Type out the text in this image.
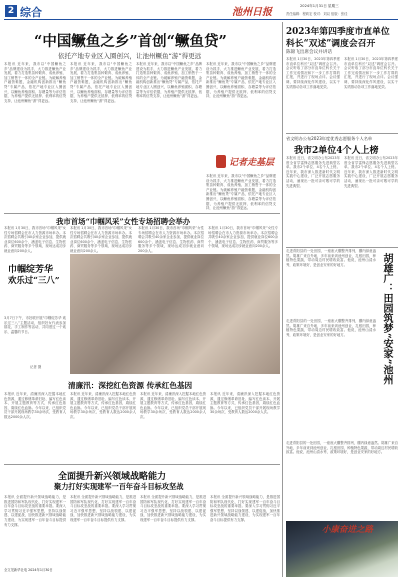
2 综合	池州日报
2024年1月31日 星期三
责任编辑：程莉宏 校对：刘双 组版：张佳
“中国鳜鱼之乡”首创“鳜鱼贷”
依托产地专业区入圈创兴，让池州鳜鱼“游”得更远

本报讯 近年来，我市以“中国鳜鱼之乡”品牌建设为抓手，大力推进鳜鱼产业发展，着力打造集苗种繁育、成鱼养殖、加工销售于一体的全产业链。为破解养殖户融资难题，金融机构创新推出“鳜鱼贷”专属产品，依托产地专业区入圈创兴，以鳜鱼养殖面积、存塘量等为评估依据，为养殖户提供无抵押、低利率的信贷支持，让池州鳜鱼“游”得更远。

本报讯 近年来，我市以“中国鳜鱼之乡”品牌建设为抓手，大力推进鳜鱼产业发展，着力打造集苗种繁育、成鱼养殖、加工销售于一体的全产业链。为破解养殖户融资难题，金融机构创新推出“鳜鱼贷”专属产品，依托产地专业区入圈创兴，以鳜鱼养殖面积、存塘量等为评估依据，为养殖户提供无抵押、低利率的信贷支持，让池州鳜鱼“游”得更远。

本报讯 近年来，我市以“中国鳜鱼之乡”品牌建设为抓手，大力推进鳜鱼产业发展，着力打造集苗种繁育、成鱼养殖、加工销售于一体的全产业链。为破解养殖户融资难题，金融机构创新推出“鳜鱼贷”专属产品，依托产地专业区入圈创兴，以鳜鱼养殖面积、存塘量等为评估依据，为养殖户提供无抵押、低利率的信贷支持，让池州鳜鱼“游”得更远。

本报讯 近年来，我市以“中国鳜鱼之乡”品牌建设为抓手，大力推进鳜鱼产业发展，着力打造集苗种繁育、成鱼养殖、加工销售于一体的全产业链。为破解养殖户融资难题，金融机构创新推出“鳜鱼贷”专属产品，依托产地专业区入圈创兴，以鳜鱼养殖面积、存塘量等为评估依据，为养殖户提供无抵押、低利率的信贷支持，让池州鳜鱼“游”得更远。

记者走基层

本报讯 近年来，我市以“中国鳜鱼之乡”品牌建设为抓手，大力推进鳜鱼产业发展，着力打造集苗种繁育、成鱼养殖、加工销售于一体的全产业链。为破解养殖户融资难题，金融机构创新推出“鳜鱼贷”专属产品，依托产地专业区入圈创兴，以鳜鱼养殖面积、存塘量等为评估依据，为养殖户提供无抵押、低利率的信贷支持，让池州鳜鱼“游”得更远。

2023年第四季度市直单位
科长“双述”调度会召开
陈锦飞出席会议并讲话

本报讯 1月30日，2023年第四季度市直单位科长“双述”调度会召开。会议听取了部分市直单位科长关于工作完成情况和下一步工作打算的汇报，并进行了现场点评。会议强调，要持续深化作风建设，以实干实绩推动各项工作落地见效。

本报讯 1月30日，2023年第四季度市直单位科长“双述”调度会召开。会议听取了部分市直单位科长关于工作完成情况和下一步工作打算的汇报，并进行了现场点评。会议强调，要持续深化作风建设，以实干实绩推动各项工作落地见效。

省文明办公布2023年度优秀志愿服务个人名单
我市2单位4个人上榜

本报讯 近日，省文明办公布2023年度全省学雷锋志愿服务先进典型名单。我市2个单位、4名个人上榜。近年来，我市深入推进新时代文明实践中心建设，广泛开展志愿服务活动，涌现出一批可亲可敬可学的先进典型。

本报讯 近日，省文明办公布2023年度全省学雷锋志愿服务先进典型名单。我市2个单位、4名个人上榜。近年来，我市深入推进新时代文明实践中心建设，广泛开展志愿服务活动，涌现出一批可亲可敬可学的先进典型。

走进青阳县的一处田园，一座座大棚整齐排列，棚内绿意盎然。胡雄广来自外地，多年前来到池州创业，扎根田园，种植特色果蔬，带动周边村民增收致富。他说，池州山清水秀，政策环境好，是创业安家的好地方。	胡雄广：田园筑梦“安家”池州

走进青阳县的一处田园，一座座大棚整齐排列，棚内绿意盎然。胡雄广来自外地，多年前来到池州创业，扎根田园，种植特色果蔬，带动周边村民增收致富。他说，池州山清水秀，政策环境好，是创业安家的好地方。

走进青阳县的一处田园，一座座大棚整齐排列，棚内绿意盎然。胡雄广来自外地，多年前来到池州创业，扎根田园，种植特色果蔬，带动周边村民增收致富。他说，池州山清水秀，政策环境好，是创业安家的好地方。

我市首场“巾帼风采”女性专场招聘会举办

本报讯 1月30日，我市首场“巾帼风采”女性专场招聘会在市人力资源市场举办。本次招聘会共吸引40余家企业参加，提供就业岗位600余个，涵盖电子信息、生物医药、商贸服务等多个领域，现场达成初步就业意向200余人。

本报讯 1月30日，我市首场“巾帼风采”女性专场招聘会在市人力资源市场举办。本次招聘会共吸引40余家企业参加，提供就业岗位600余个，涵盖电子信息、生物医药、商贸服务等多个领域，现场达成初步就业意向200余人。

本报讯 1月30日，我市首场“巾帼风采”女性专场招聘会在市人力资源市场举办。本次招聘会共吸引40余家企业参加，提供就业岗位600余个，涵盖电子信息、生物医药、商贸服务等多个领域，现场达成初步就业意向200余人。

本报讯 1月30日，我市首场“巾帼风采”女性专场招聘会在市人力资源市场举办。本次招聘会共吸引40余家企业参加，提供就业岗位600余个，涵盖电子信息、生物医药、商贸服务等多个领域，现场达成初步就业意向200余人。

巾帼绽芳华
欢乐过“三八”

3月7日下午，市妇联开展“巾帼绽芳华 欢乐过三八”主题活动，组织妇女代表参加插花、手工制作等活动，共同度过一个欢乐、温馨的节日。

记者 摄
清廉汛：深挖红色资源 传承红色基因

本报讯 近年来，清廉汛深入挖掘本地红色资源，通过修缮革命旧址、编写红色读本、开展主题教育等方式，传承红色基因，赓续红色血脉。今年以来，已组织党员干部开展现场教学30余场次，受教育人数达2000余人次。

本报讯 近年来，清廉汛深入挖掘本地红色资源，通过修缮革命旧址、编写红色读本、开展主题教育等方式，传承红色基因，赓续红色血脉。今年以来，已组织党员干部开展现场教学30余场次，受教育人数达2000余人次。

本报讯 近年来，清廉汛深入挖掘本地红色资源，通过修缮革命旧址、编写红色读本、开展主题教育等方式，传承红色基因，赓续红色血脉。今年以来，已组织党员干部开展现场教学30余场次，受教育人数达2000余人次。

本报讯 近年来，清廉汛深入挖掘本地红色资源，通过修缮革命旧址、编写红色读本、开展主题教育等方式，传承红色基因，赓续红色血脉。今年以来，已组织党员干部开展现场教学30余场次，受教育人数达2000余人次。

全面提升新兴领域战略能力
聚力打好实现建军一百年奋斗目标攻坚战

本报讯 全面提升新兴领域战略能力，是推进国防和军队现代化、打好实现建军一百年奋斗目标攻坚战的重要举措。要深入学习贯彻习近平强军思想，坚持以战领建、以建促战，加快推进新兴领域战略能力建设，为实现建军一百年奋斗目标提供有力支撑。

本报讯 全面提升新兴领域战略能力，是推进国防和军队现代化、打好实现建军一百年奋斗目标攻坚战的重要举措。要深入学习贯彻习近平强军思想，坚持以战领建、以建促战，加快推进新兴领域战略能力建设，为实现建军一百年奋斗目标提供有力支撑。

本报讯 全面提升新兴领域战略能力，是推进国防和军队现代化、打好实现建军一百年奋斗目标攻坚战的重要举措。要深入学习贯彻习近平强军思想，坚持以战领建、以建促战，加快推进新兴领域战略能力建设，为实现建军一百年奋斗目标提供有力支撑。

本报讯 全面提升新兴领域战略能力，是推进国防和军队现代化、打好实现建军一百年奋斗目标攻坚战的重要举措。要深入学习贯彻习近平强军思想，坚持以战领建、以建促战，加快推进新兴领域战略能力建设，为实现建军一百年奋斗目标提供有力支撑。

全文见新华社电 2024年1月30日
小康奋进之路
